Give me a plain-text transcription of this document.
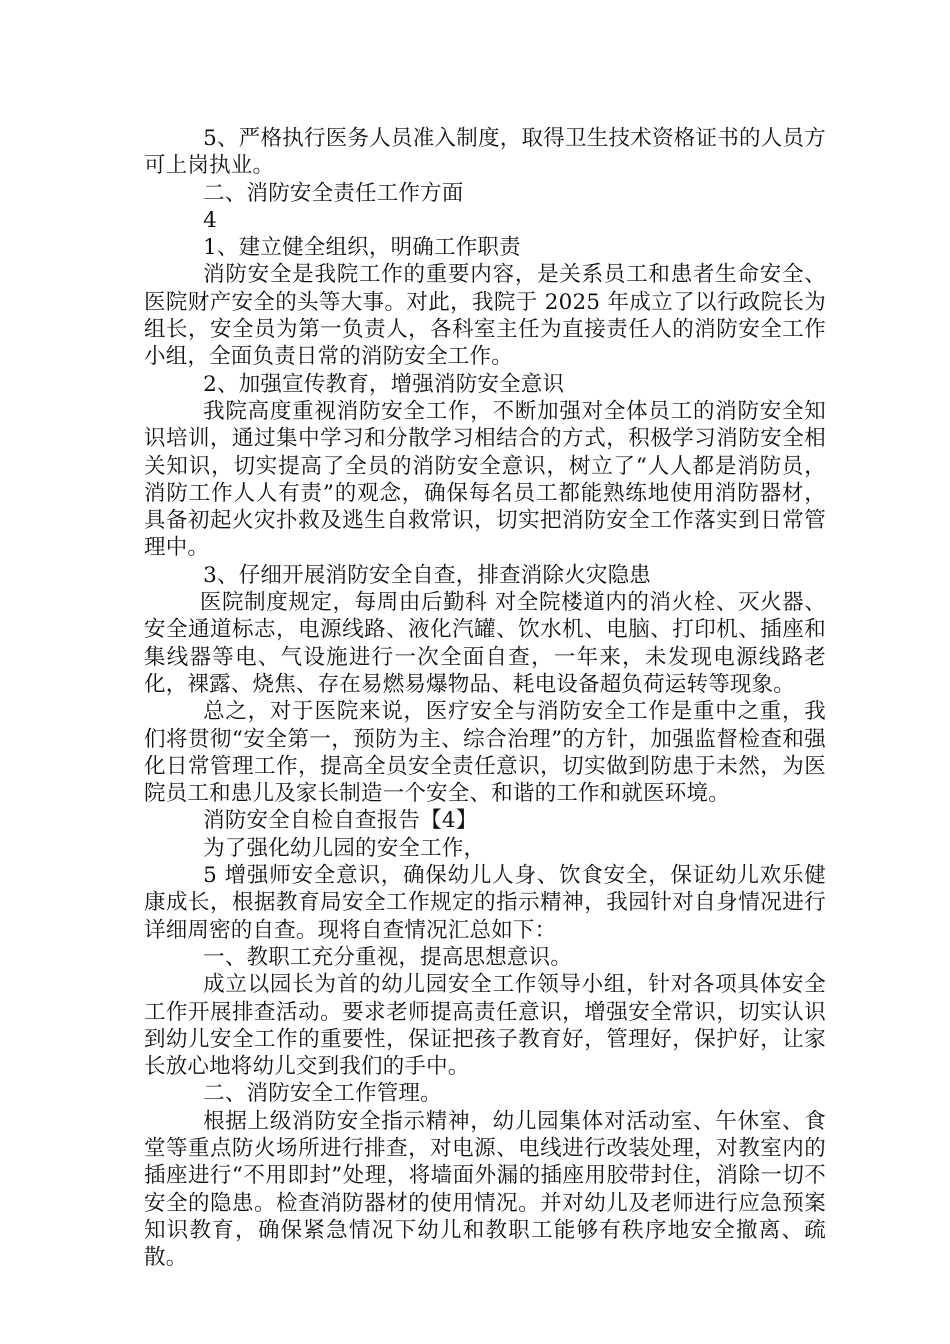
5、严格执行医务人员准入制度，取得卫生技术资格证书的人员方可上岗执业。

二、消防安全责任工作方面

4

1、建立健全组织，明确工作职责

消防安全是我院工作的重要内容，是关系员工和患者生命安全、医院财产安全的头等大事。对此，我院于 2025 年成立了以行政院长为组长，安全员为第一负责人，各科室主任为直接责任人的消防安全工作小组，全面负责日常的消防安全工作。

2、加强宣传教育，增强消防安全意识

我院高度重视消防安全工作，不断加强对全体员工的消防安全知识培训，通过集中学习和分散学习相结合的方式，积极学习消防安全相关知识，切实提高了全员的消防安全意识，树立了“人人都是消防员，消防工作人人有责”的观念，确保每名员工都能熟练地使用消防器材，具备初起火灾扑救及逃生自救常识，切实把消防安全工作落实到日常管理中。

3、仔细开展消防安全自查，排查消除火灾隐患

医院制度规定，每周由后勤科 对全院楼道内的消火栓、灭火器、安全通道标志，电源线路、液化汽罐、饮水机、电脑、打印机、插座和集线器等电、气设施进行一次全面自查，一年来，未发现电源线路老化，裸露、烧焦、存在易燃易爆物品、耗电设备超负荷运转等现象。

总之，对于医院来说，医疗安全与消防安全工作是重中之重，我们将贯彻“安全第一，预防为主、综合治理”的方针，加强监督检查和强化日常管理工作，提高全员安全责任意识，切实做到防患于未然，为医院员工和患儿及家长制造一个安全、和谐的工作和就医环境。

消防安全自检自查报告【4】

为了强化幼儿园的安全工作，

5 增强师安全意识，确保幼儿人身、饮食安全，保证幼儿欢乐健康成长，根据教育局安全工作规定的指示精神，我园针对自身情况进行详细周密的自查。现将自查情况汇总如下：

一、教职工充分重视，提高思想意识。

成立以园长为首的幼儿园安全工作领导小组，针对各项具体安全工作开展排查活动。要求老师提高责任意识，增强安全常识，切实认识到幼儿安全工作的重要性，保证把孩子教育好，管理好，保护好，让家长放心地将幼儿交到我们的手中。

二、消防安全工作管理。

根据上级消防安全指示精神，幼儿园集体对活动室、午休室、食堂等重点防火场所进行排查，对电源、电线进行改装处理，对教室内的插座进行“不用即封”处理，将墙面外漏的插座用胶带封住，消除一切不安全的隐患。检查消防器材的使用情况。并对幼儿及老师进行应急预案知识教育，确保紧急情况下幼儿和教职工能够有秩序地安全撤离、疏散。
